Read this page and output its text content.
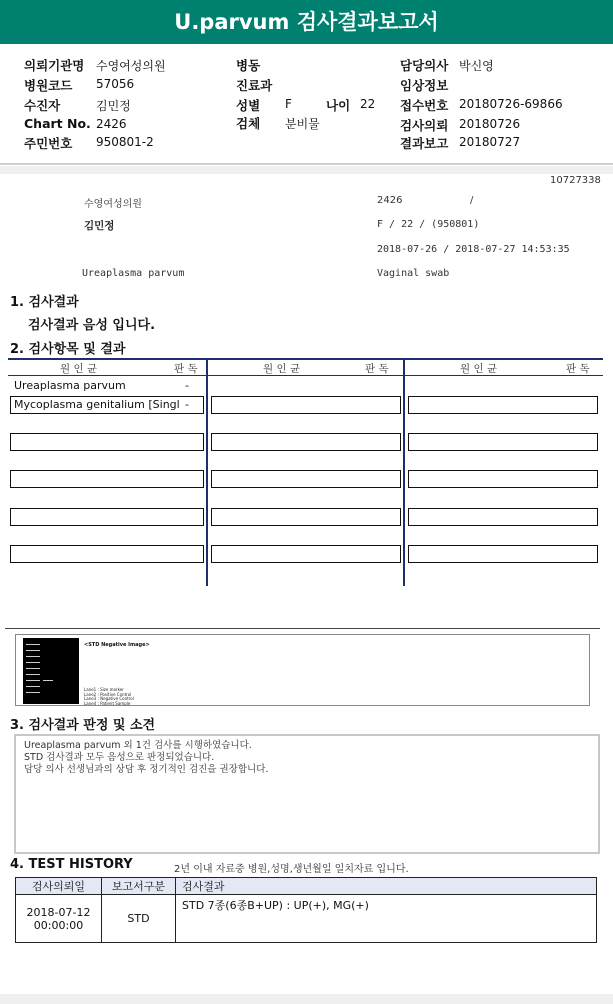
U.parvum 검사결과보고서
의뢰기관명 수영여성의원
병원코드 57056
수진자	김민정
Chart No. 2426
주민번호 950801-2
병동
진료과
성별 F	나이 22
검체 분비물
담당의사 박신영
임상정보
접수번호 20180726-69866
검사의뢰 20180726
결과보고 20180727
10727338
수영여성의원	2426	/
김민정	F / 22 / (950801)
2018-07-26 / 2018-07-27 14:53:35
Ureaplasma parvum	Vaginal swab
1. 검사결과
검사결과 음성 입니다.
2. 검사항목 및 결과
원 인 균	판 독	원 인 균	판 독	원 인 균	판 독
Ureaplasma parvum	-
Mycoplasma genitalium [Singl -
<STD Negative Image>
Lane1 : Size marker
Lane2 : Positive Control
Lane3 : Negative Control
Lane4 : Patient Sample
3. 검사결과 판정 및 소견
Ureaplasma parvum 외 1건 검사를 시행하였습니다.
STD 검사결과 모두 음성으로 판정되었습니다.
담당 의사 선생님과의 상담 후 정기적인 검진을 권장합니다.
4. TEST HISTORY	2년 이내 자료중 병원,성명,생년월일 일치자료 입니다.
검사의뢰일	보고서구분	검사결과

2018-07-12
00:00:00	STD	STD 7종(6종B+UP) : UP(+), MG(+)
